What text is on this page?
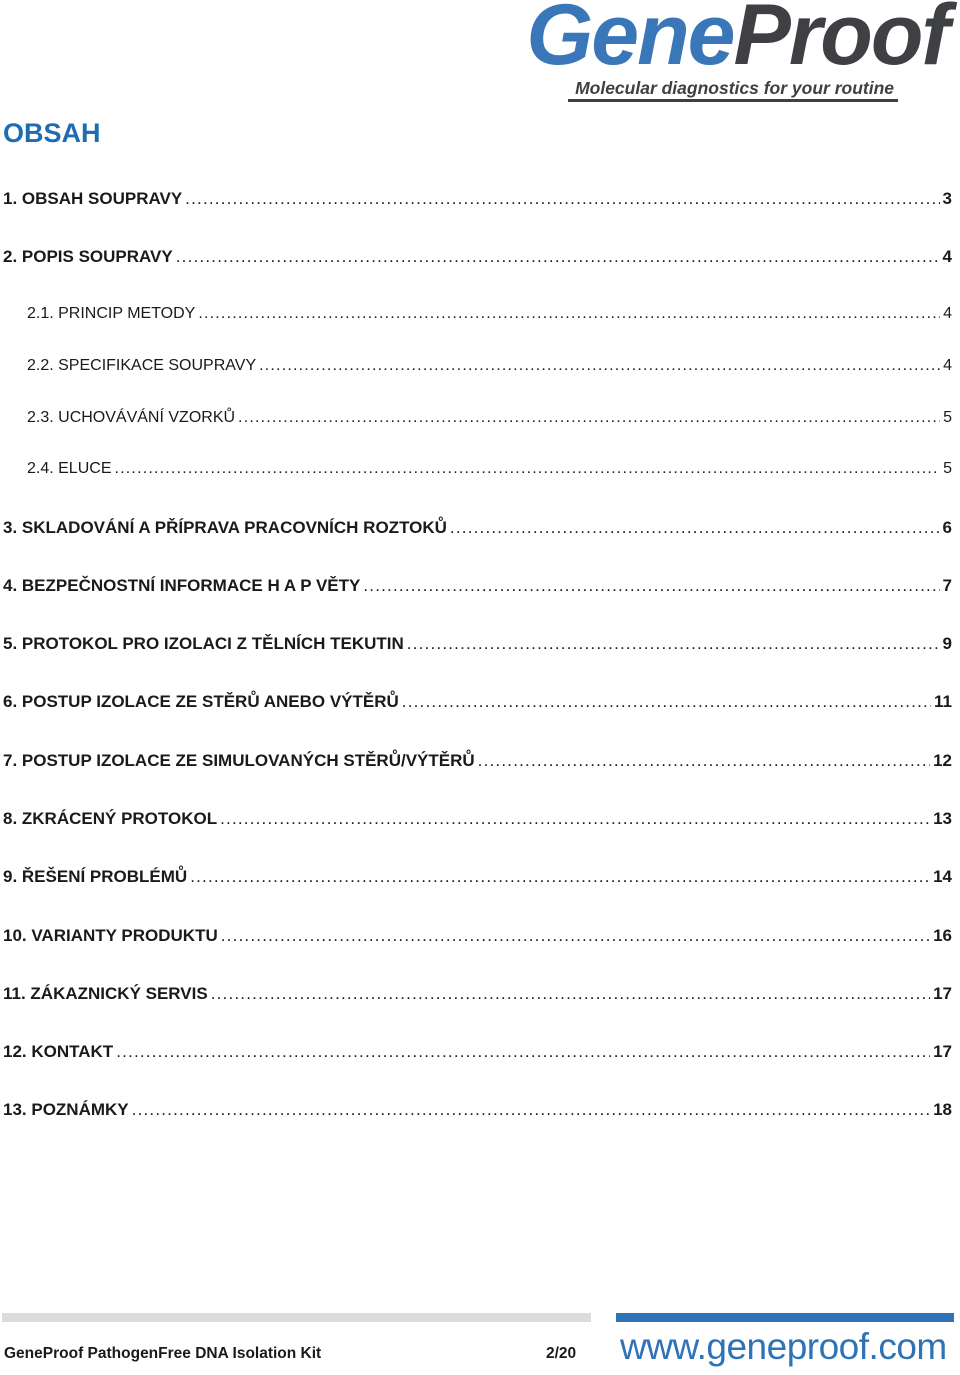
GeneProof
Molecular diagnostics for your routine
OBSAH
1. OBSAH SOUPRAVY .....	3
2. POPIS SOUPRAVY .....	4
2.1. PRINCIP METODY .....	4
2.2. SPECIFIKACE SOUPRAVY .....	4
2.3. UCHOVÁVÁNÍ VZORKŮ .....	5
2.4. ELUCE .....	5
3. SKLADOVÁNÍ A PŘÍPRAVA PRACOVNÍCH ROZTOKŮ .....	6
4. BEZPEČNOSTNÍ INFORMACE H A P VĚTY .....	7
5. PROTOKOL PRO IZOLACI Z TĚLNÍCH TEKUTIN .....	9
6. POSTUP IZOLACE ZE STĚRŮ ANEBO VÝTĚRŮ .....	11
7. POSTUP IZOLACE ZE SIMULOVANÝCH STĚRŮ/VÝTĚRŮ .....	12
8. ZKRÁCENÝ PROTOKOL .....	13
9. ŘEŠENÍ PROBLÉMŮ .....	14
10. VARIANTY PRODUKTU .....	16
11. ZÁKAZNICKÝ SERVIS .....	17
12. KONTAKT .....	17
13. POZNÁMKY .....	18
GeneProof PathogenFree DNA Isolation Kit	2/20 www.geneproof.com
